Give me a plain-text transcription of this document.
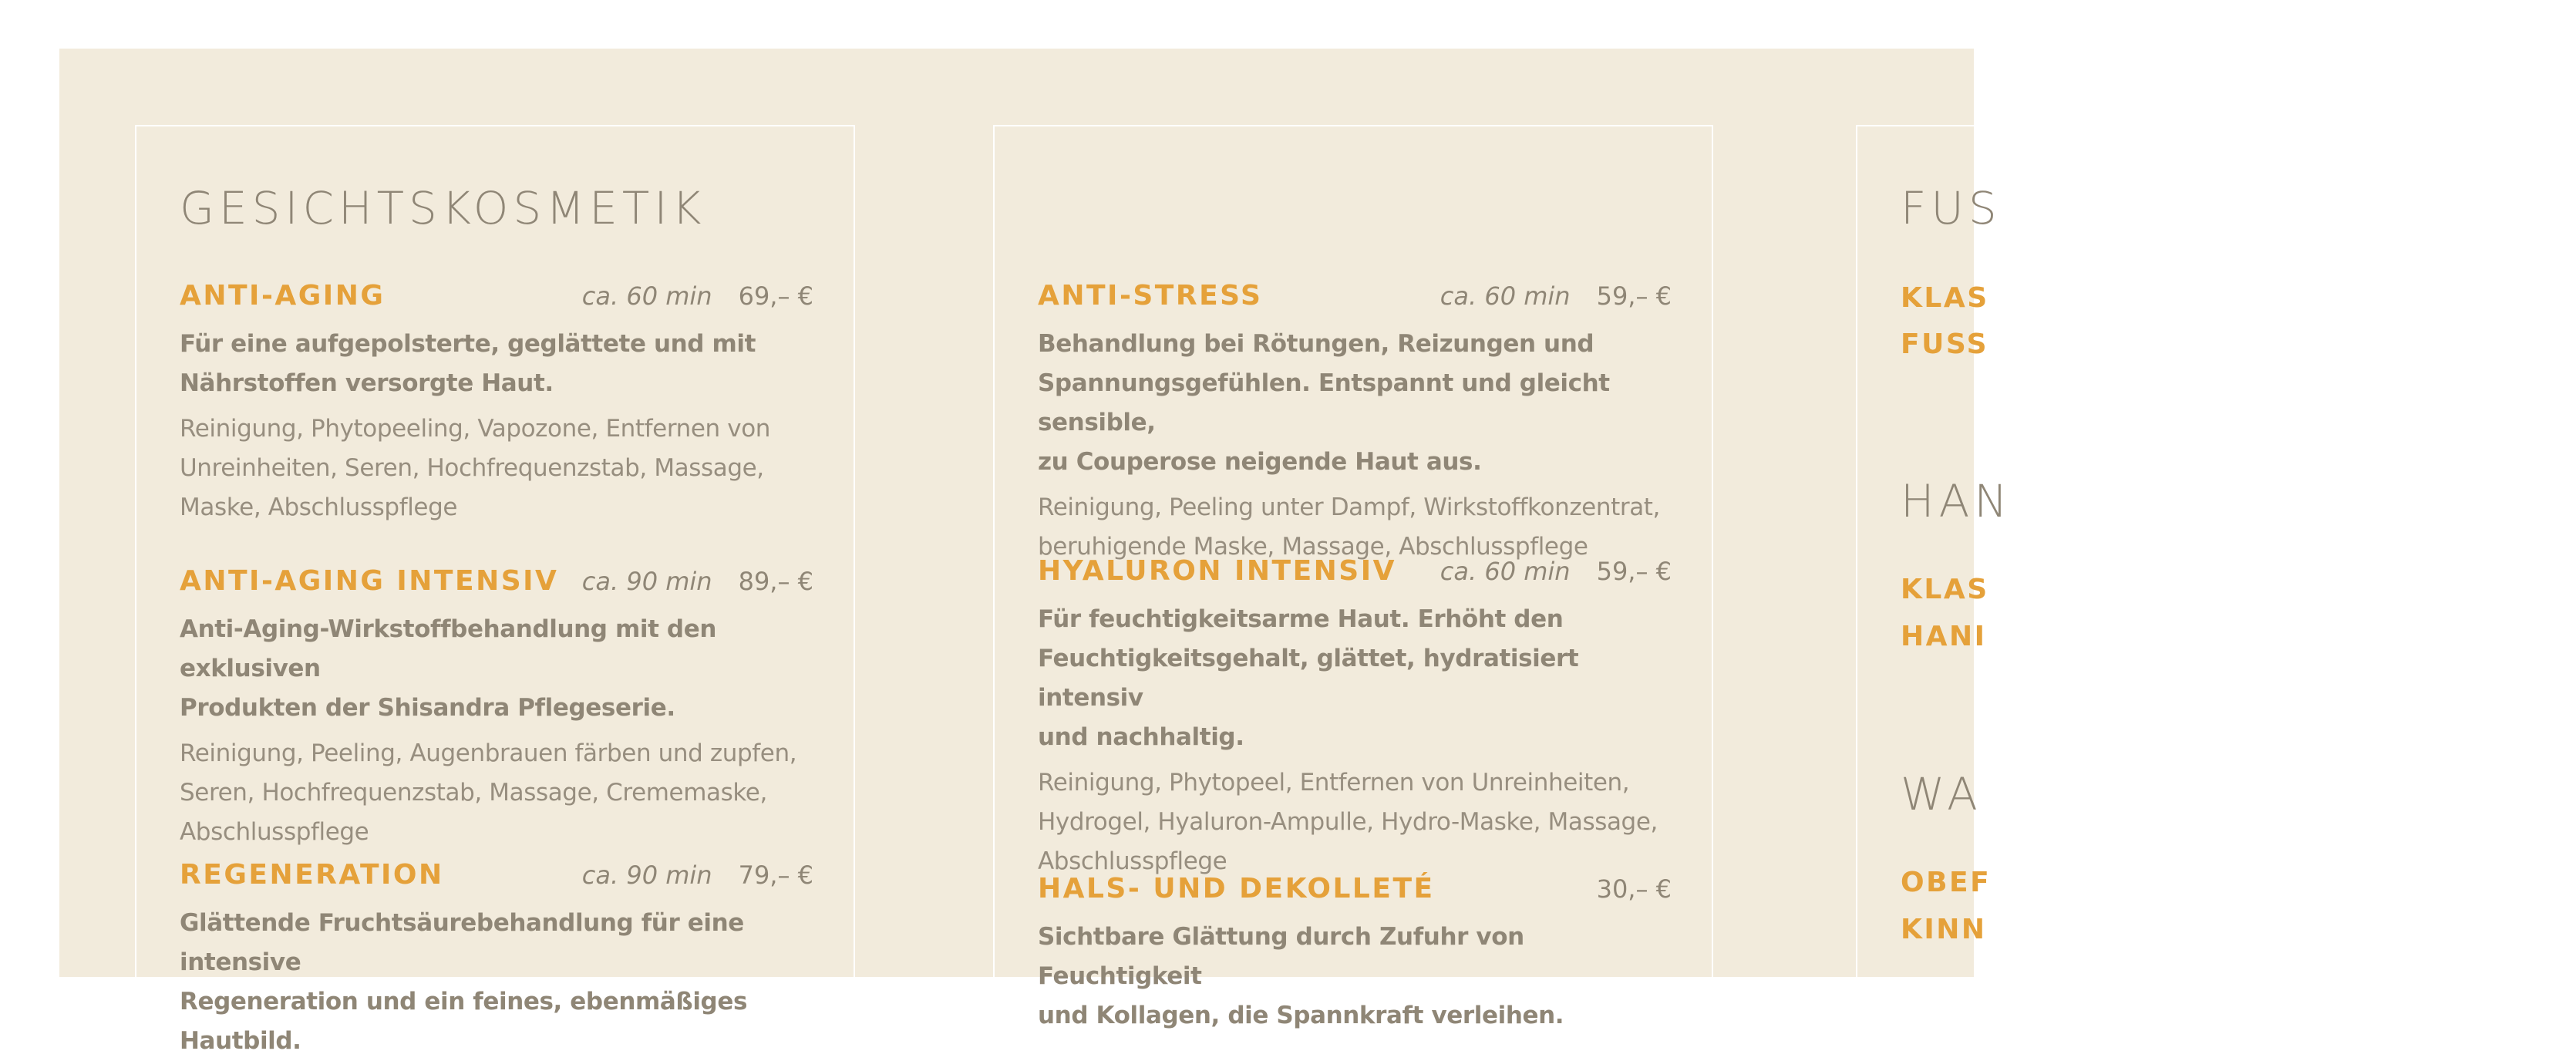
GESICHTSKOSMETIK
ANTI-AGING	ca. 60 min 69,– €
Für eine aufgepolsterte, geglättete und mit
Nährstoffen versorgte Haut.
Reinigung, Phytopeeling, Vapozone, Entfernen von
Unreinheiten, Seren, Hochfrequenzstab, Massage,
Maske, Abschlusspflege
ANTI-AGING INTENSIV ca. 90 min 89,– €
Anti-Aging-Wirkstoffbehandlung mit den exklusiven
Produkten der Shisandra Pflegeserie.
Reinigung, Peeling, Augenbrauen färben und zupfen,
Seren, Hochfrequenzstab, Massage, Crememaske,
Abschlusspflege
REGENERATION	ca. 90 min 79,– €
Glättende Fruchtsäurebehandlung für eine intensive
Regeneration und ein feines, ebenmäßiges Hautbild.
ANTI-STRESS	ca. 60 min 59,– €
Behandlung bei Rötungen, Reizungen und
Spannungsgefühlen. Entspannt und gleicht sensible,
zu Couperose neigende Haut aus.
Reinigung, Peeling unter Dampf, Wirkstoffkonzentrat,
beruhigende Maske, Massage, Abschlusspflege
HYALURON INTENSIV ca. 60 min 59,– €
Für feuchtigkeitsarme Haut. Erhöht den
Feuchtigkeitsgehalt, glättet, hydratisiert intensiv
und nachhaltig.
Reinigung, Phytopeel, Entfernen von Unreinheiten,
Hydrogel, Hyaluron-Ampulle, Hydro-Maske, Massage,
Abschlusspflege
HALS- UND DEKOLLETÉ	30,– €
Sichtbare Glättung durch Zufuhr von Feuchtigkeit
und Kollagen, die Spannkraft verleihen.
FUS
KLAS
FUSS
HAN
KLAS
HANI
WA
OBEF
KINN
